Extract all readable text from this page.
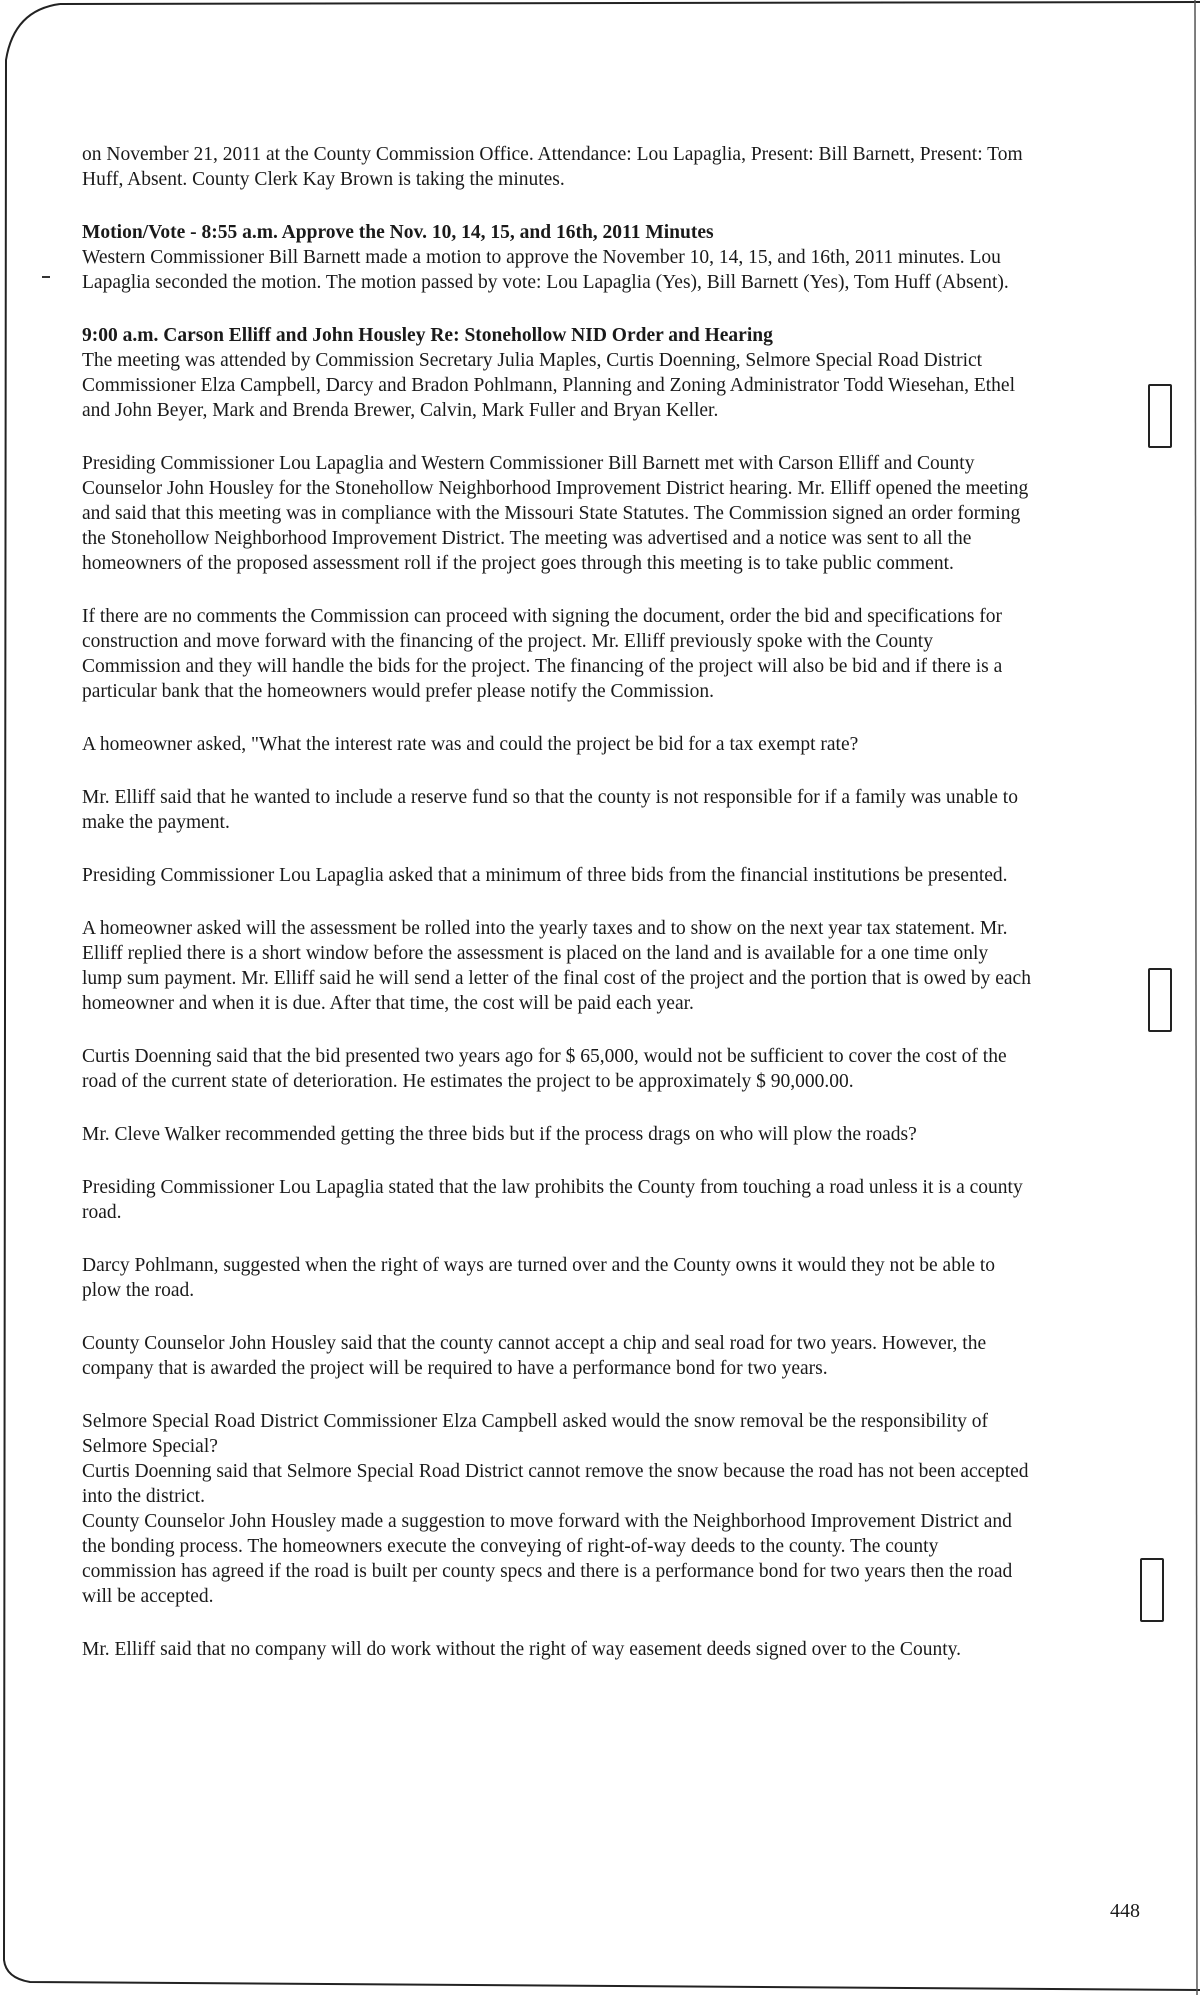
on November 21, 2011 at the County Commission Office. Attendance: Lou Lapaglia, Present: Bill Barnett, Present: Tom Huff, Absent. County Clerk Kay Brown is taking the minutes.

Motion/Vote - 8:55 a.m. Approve the Nov. 10, 14, 15, and 16th, 2011 Minutes
Western Commissioner Bill Barnett made a motion to approve the November 10, 14, 15, and 16th, 2011 minutes. Lou Lapaglia seconded the motion. The motion passed by vote: Lou Lapaglia (Yes), Bill Barnett (Yes), Tom Huff (Absent).

9:00 a.m. Carson Elliff and John Housley Re: Stonehollow NID Order and Hearing
The meeting was attended by Commission Secretary Julia Maples, Curtis Doenning, Selmore Special Road District Commissioner Elza Campbell, Darcy and Bradon Pohlmann, Planning and Zoning Administrator Todd Wiesehan, Ethel and John Beyer, Mark and Brenda Brewer, Calvin, Mark Fuller and Bryan Keller.

Presiding Commissioner Lou Lapaglia and Western Commissioner Bill Barnett met with Carson Elliff and County Counselor John Housley for the Stonehollow Neighborhood Improvement District hearing. Mr. Elliff opened the meeting and said that this meeting was in compliance with the Missouri State Statutes. The Commission signed an order forming the Stonehollow Neighborhood Improvement District. The meeting was advertised and a notice was sent to all the homeowners of the proposed assessment roll if the project goes through this meeting is to take public comment.

If there are no comments the Commission can proceed with signing the document, order the bid and specifications for construction and move forward with the financing of the project. Mr. Elliff previously spoke with the County Commission and they will handle the bids for the project. The financing of the project will also be bid and if there is a particular bank that the homeowners would prefer please notify the Commission.

A homeowner asked, "What the interest rate was and could the project be bid for a tax exempt rate?

Mr. Elliff said that he wanted to include a reserve fund so that the county is not responsible for if a family was unable to make the payment.

Presiding Commissioner Lou Lapaglia asked that a minimum of three bids from the financial institutions be presented.

A homeowner asked will the assessment be rolled into the yearly taxes and to show on the next year tax statement. Mr. Elliff replied there is a short window before the assessment is placed on the land and is available for a one time only lump sum payment. Mr. Elliff said he will send a letter of the final cost of the project and the portion that is owed by each homeowner and when it is due. After that time, the cost will be paid each year.

Curtis Doenning said that the bid presented two years ago for $ 65,000, would not be sufficient to cover the cost of the road of the current state of deterioration. He estimates the project to be approximately $ 90,000.00.

Mr. Cleve Walker recommended getting the three bids but if the process drags on who will plow the roads?

Presiding Commissioner Lou Lapaglia stated that the law prohibits the County from touching a road unless it is a county road.

Darcy Pohlmann, suggested when the right of ways are turned over and the County owns it would they not be able to plow the road.

County Counselor John Housley said that the county cannot accept a chip and seal road for two years. However, the company that is awarded the project will be required to have a performance bond for two years.

Selmore Special Road District Commissioner Elza Campbell asked would the snow removal be the responsibility of Selmore Special?

Curtis Doenning said that Selmore Special Road District cannot remove the snow because the road has not been accepted into the district.

County Counselor John Housley made a suggestion to move forward with the Neighborhood Improvement District and the bonding process. The homeowners execute the conveying of right-of-way deeds to the county. The county commission has agreed if the road is built per county specs and there is a performance bond for two years then the road will be accepted.

Mr. Elliff said that no company will do work without the right of way easement deeds signed over to the County.

448
